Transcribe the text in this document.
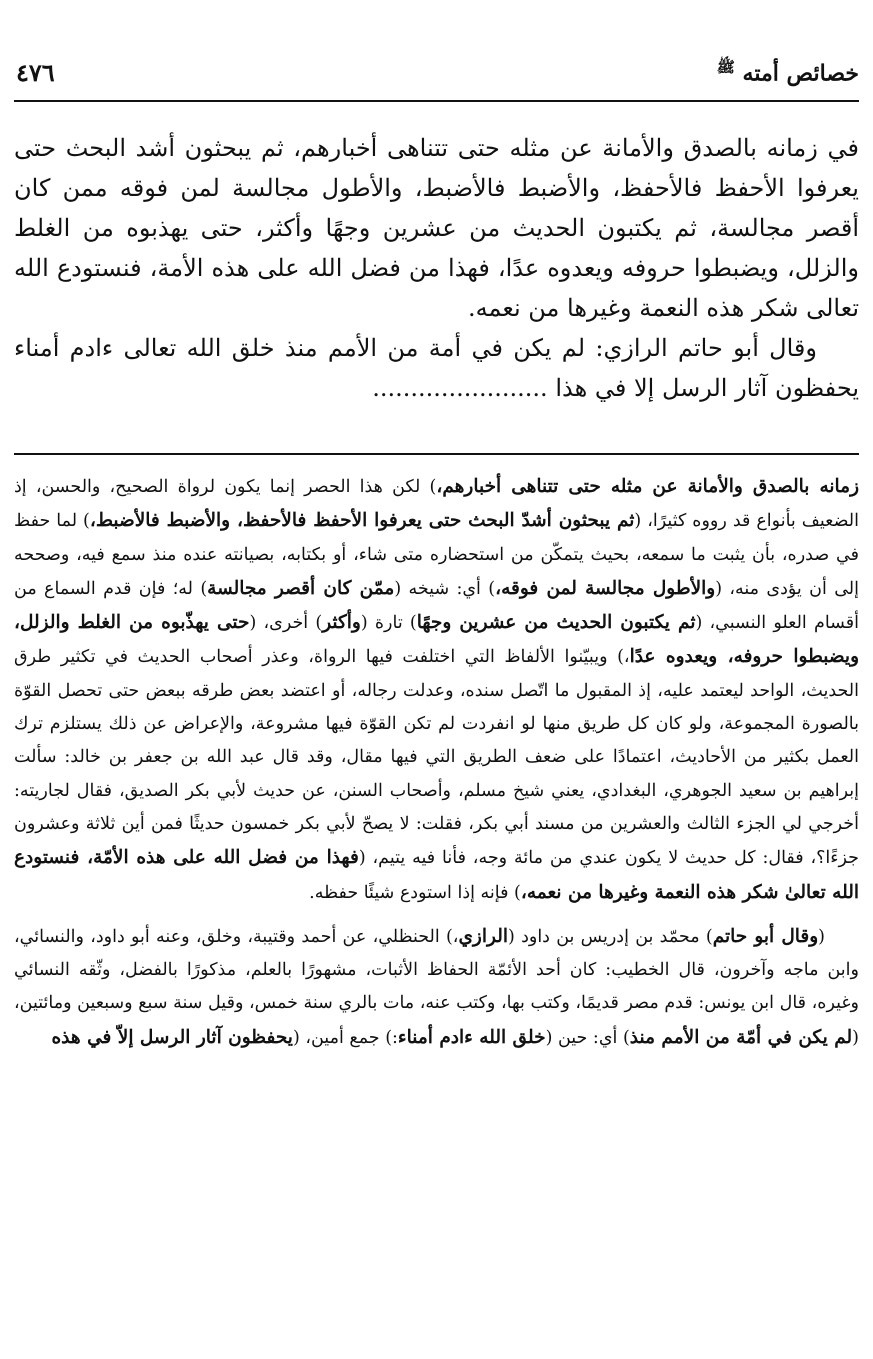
خصائص أمته $^ﷺ$
٤٧٦

في زمانه بالصدق والأمانة عن مثله حتى تتناهى أخبارهم، ثم يبحثون أشد البحث حتى يعرفوا الأحفظ فالأحفظ، والأضبط فالأضبط، والأطول مجالسة لمن فوقه ممن كان أقصر مجالسة، ثم يكتبون الحديث من عشرين وجهًا وأكثر، حتى يهذبوه من الغلط والزلل، ويضبطوا حروفه ويعدوه عدًا، فهذا من فضل الله على هذه الأمة، فنستودع الله تعالى شكر هذه النعمة وغيرها من نعمه.

وقال أبو حاتم الرازي: لم يكن في أمة من الأمم منذ خلق الله تعالى ءادم أمناء يحفظون آثار الرسل إلا في هذا .......................

زمانه بالصدق والأمانة عن مثله حتى تتناهى أخبارهم،) لكن هذا الحصر إنما يكون لرواة الصحيح، والحسن، إذ الضعيف بأنواع قد رووه كثيرًا، (ثم يبحثون أشدّ البحث حتى يعرفوا الأحفظ فالأحفظ، والأضبط فالأضبط،) لما حفظ في صدره، بأن يثبت ما سمعه، بحيث يتمكّن من استحضاره متى شاء، أو بكتابه، بصيانته عنده منذ سمع فيه، وصححه إلى أن يؤدى منه، (والأطول مجالسة لمن فوقه،) أي: شيخه (ممّن كان أقصر مجالسة) له؛ فإن قدم السماع من أقسام العلو النسبي، (ثم يكتبون الحديث من عشرين وجهًا) تارة (وأكثر) أخرى، (حتى يهذّبوه من الغلط والزلل، ويضبطوا حروفه، ويعدوه عدًا،) ويبيّنوا الألفاظ التي اختلفت فيها الرواة، وعذر أصحاب الحديث في تكثير طرق الحديث، الواحد ليعتمد عليه، إذ المقبول ما اتّصل سنده، وعدلت رجاله، أو اعتضد بعض طرقه ببعض حتى تحصل القوّة بالصورة المجموعة، ولو كان كل طريق منها لو انفردت لم تكن القوّة فيها مشروعة، والإعراض عن ذلك يستلزم ترك العمل بكثير من الأحاديث، اعتمادًا على ضعف الطريق التي فيها مقال، وقد قال عبد الله بن جعفر بن خالد: سألت إبراهيم بن سعيد الجوهري، البغدادي، يعني شيخ مسلم، وأصحاب السنن، عن حديث لأبي بكر الصديق، فقال لجاريته: أخرجي لي الجزء الثالث والعشرين من مسند أبي بكر، فقلت: لا يصحّ لأبي بكر خمسون حديثًا فمن أين ثلاثة وعشرون جزءًا؟، فقال: كل حديث لا يكون عندي من مائة وجه، فأنا فيه يتيم، (فهذا من فضل الله على هذه الأمّة، فنستودع الله تعالىٰ شكر هذه النعمة وغيرها من نعمه،) فإنه إذا استودع شيئًا حفظه.

(وقال أبو حاتم) محمّد بن إدريس بن داود (الرازي،) الحنظلي، عن أحمد وقتيبة، وخلق، وعنه أبو داود، والنسائي، وابن ماجه وآخرون، قال الخطيب: كان أحد الأئمّة الحفاظ الأثبات، مشهورًا بالعلم، مذكورًا بالفضل، وثّقه النسائي وغيره، قال ابن يونس: قدم مصر قديمًا، وكتب بها، وكتب عنه، مات بالري سنة خمس، وقيل سنة سبع وسبعين ومائتين، (لم يكن في أمّة من الأمم منذ) أي: حين (خلق الله ءادم أمناء:) جمع أمين، (يحفظون آثار الرسل إلاّ في هذه
